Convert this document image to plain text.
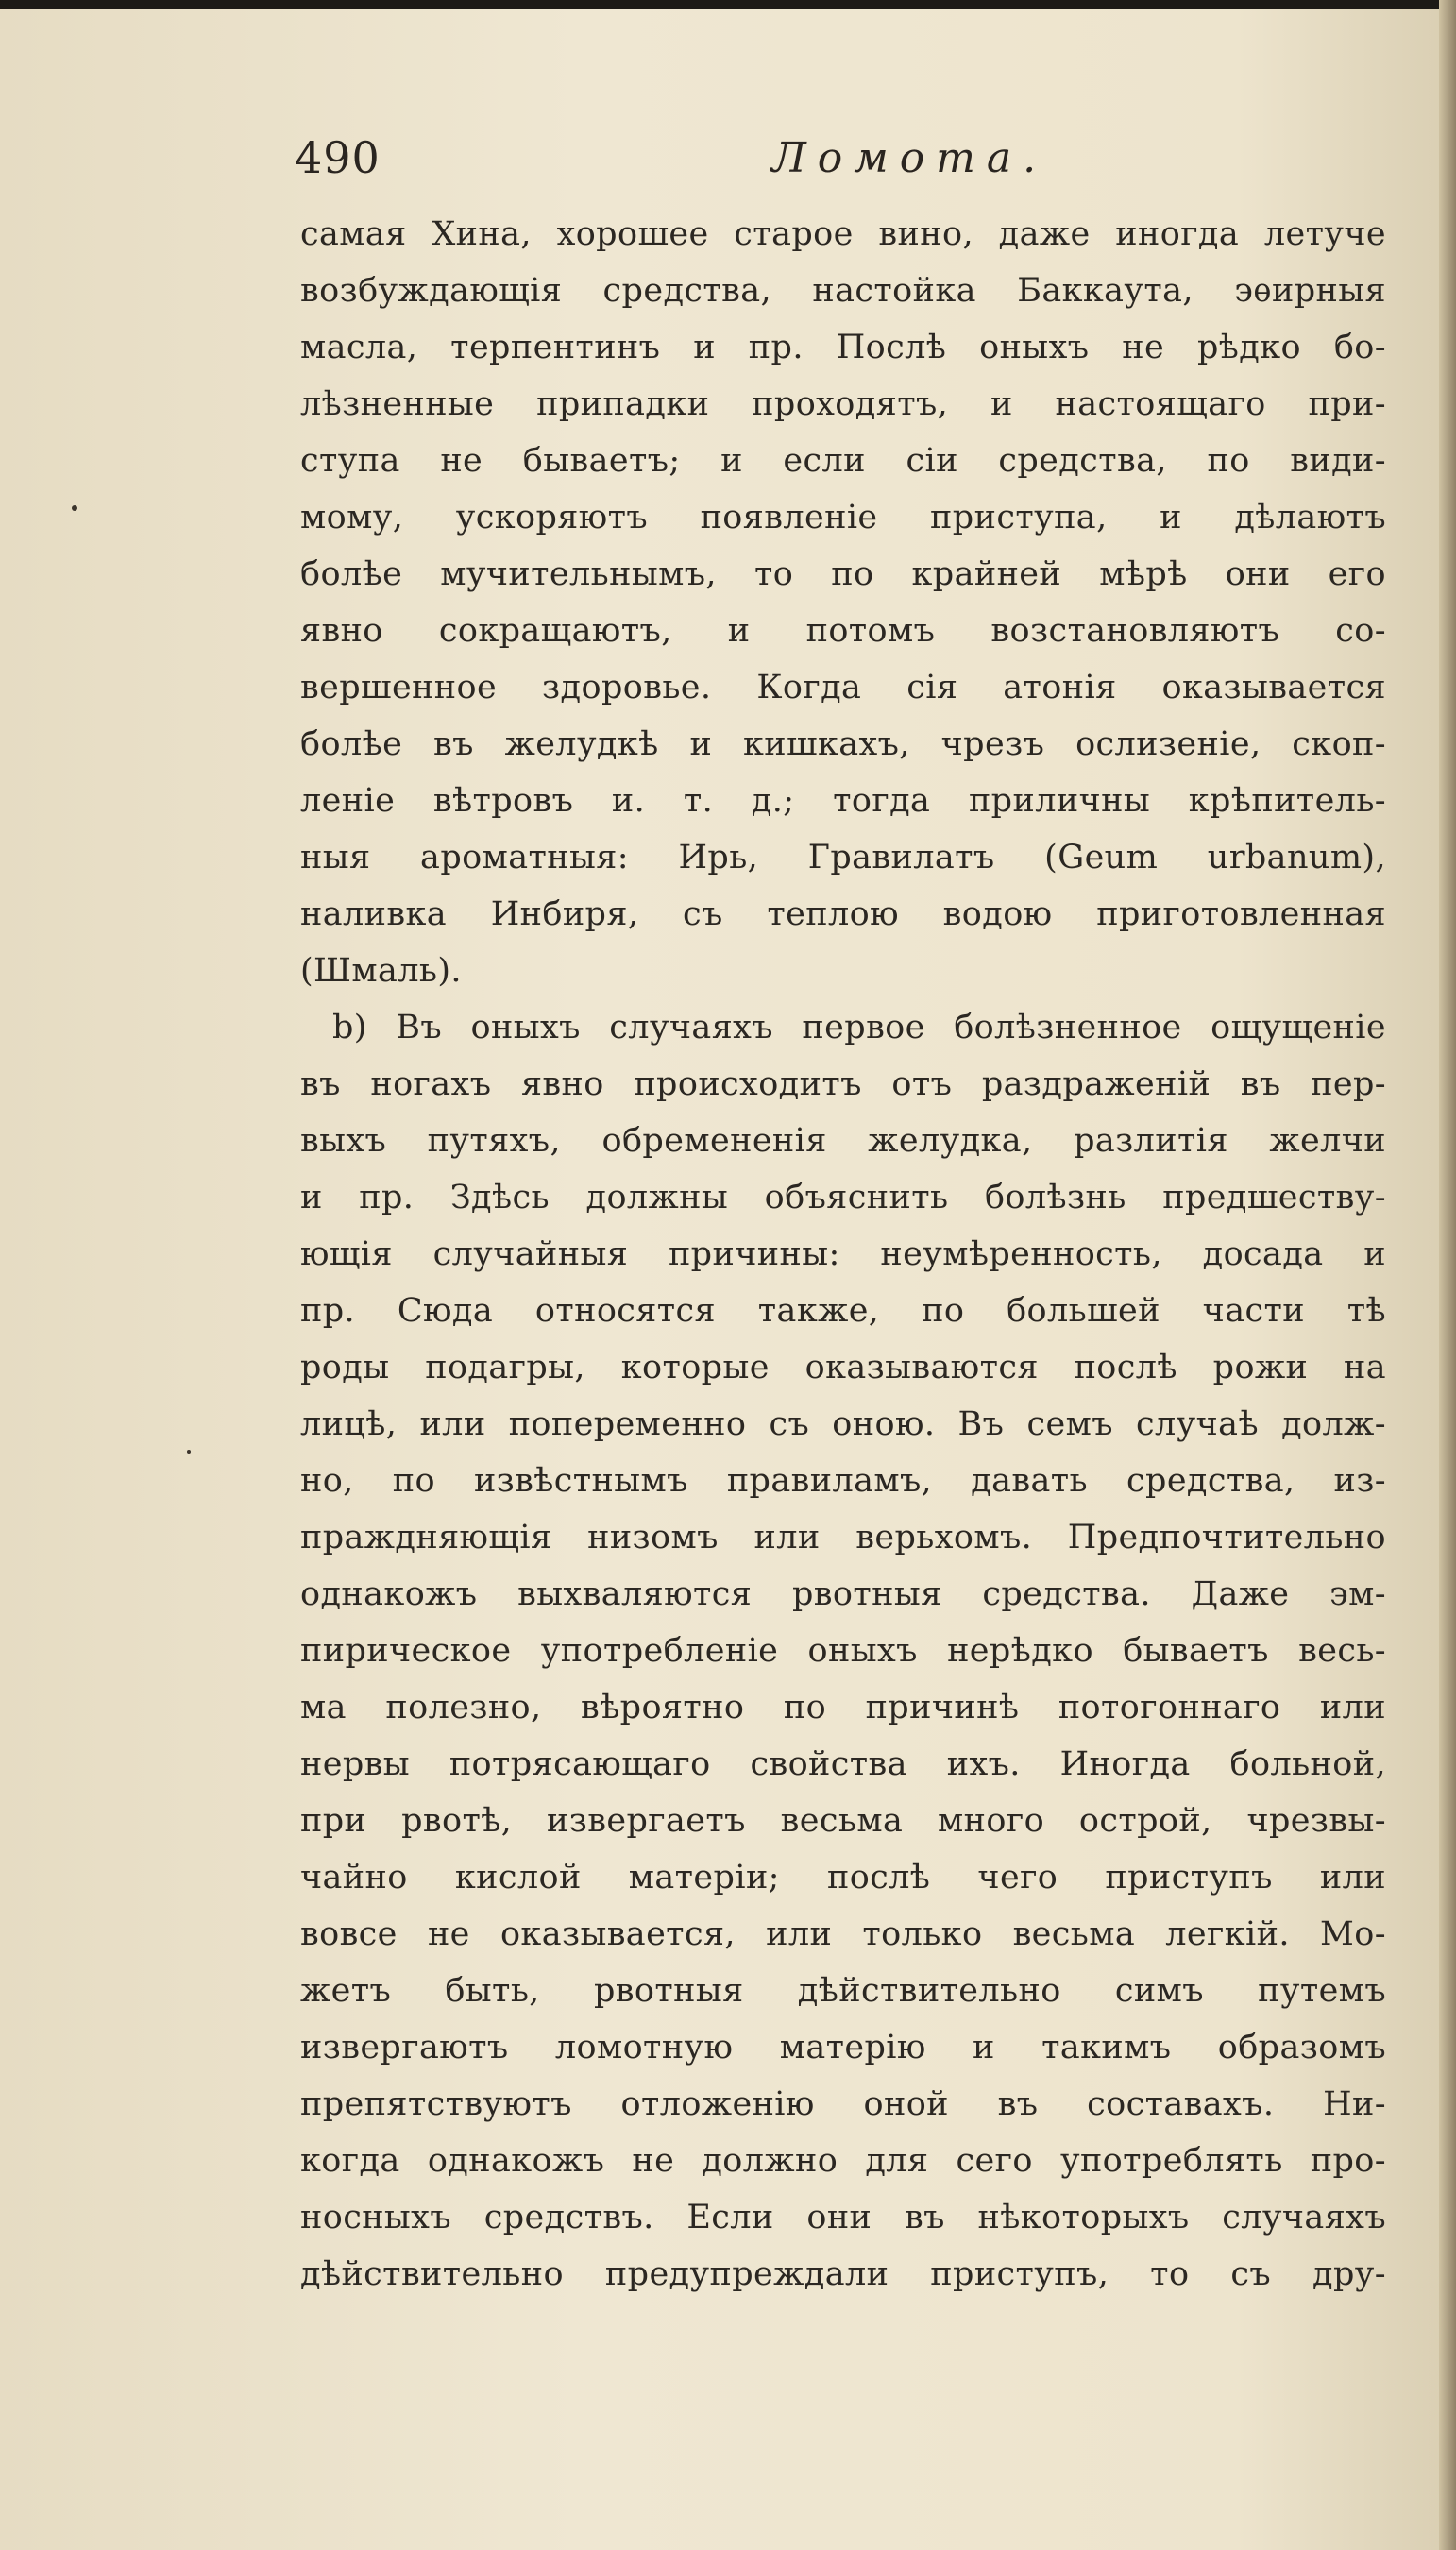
490	Ломота.
самая Хина, хорошее старое вино, даже иногда летуче
возбуждающія средства, настойка Баккаута, эѳирныя
масла, терпентинъ и пр. Послѣ оныхъ не рѣдко бо-
лѣзненные припадки проходятъ, и настоящаго при-
ступа не бываетъ; и если сіи средства, по види-
мому, ускоряютъ появленіе приступа, и дѣлаютъ
болѣе мучительнымъ, то по крайней мѣрѣ они его
явно сокращаютъ, и потомъ возстановляютъ со-
вершенное здоровье. Когда сія атонія оказывается
болѣе въ желудкѣ и кишкахъ, чрезъ ослизеніе, скоп-
леніе вѣтровъ и. т. д.; тогда приличны крѣпитель-
ныя ароматныя: Ирь, Гравилатъ (Geum urbanum),
наливка Инбиря, съ теплою водою приготовленная
(Шмаль).
b) Въ оныхъ случаяхъ первое болѣзненное ощущеніе
въ ногахъ явно происходитъ отъ раздраженій въ пер-
выхъ путяхъ, обремененія желудка, разлитія желчи
и пр. Здѣсь должны объяснить болѣзнь предшеству-
ющія случайныя причины: неумѣренность, досада и
пр. Сюда относятся также, по большей части тѣ
роды подагры, которые оказываются послѣ рожи на
лицѣ, или попеременно съ оною. Въ семъ случаѣ долж-
но, по извѣстнымъ правиламъ, давать средства, из-
праждняющія низомъ или верьхомъ. Предпочтительно
однакожъ выхваляются рвотныя средства. Даже эм-
пирическое употребленіе оныхъ нерѣдко бываетъ весь-
ма полезно, вѣроятно по причинѣ потогоннаго или
нервы потрясающаго свойства ихъ. Иногда больной,
при рвотѣ, извергаетъ весьма много острой, чрезвы-
чайно кислой матеріи; послѣ чего приступъ или
вовсе не оказывается, или только весьма легкій. Мо-
жетъ быть, рвотныя дѣйствительно симъ путемъ
извергаютъ ломотную матерію и такимъ образомъ
препятствуютъ отложенію оной въ составахъ. Ни-
когда однакожъ не должно для сего употреблять про-
носныхъ средствъ. Если они въ нѣкоторыхъ случаяхъ
дѣйствительно предупреждали приступъ, то съ дру-
